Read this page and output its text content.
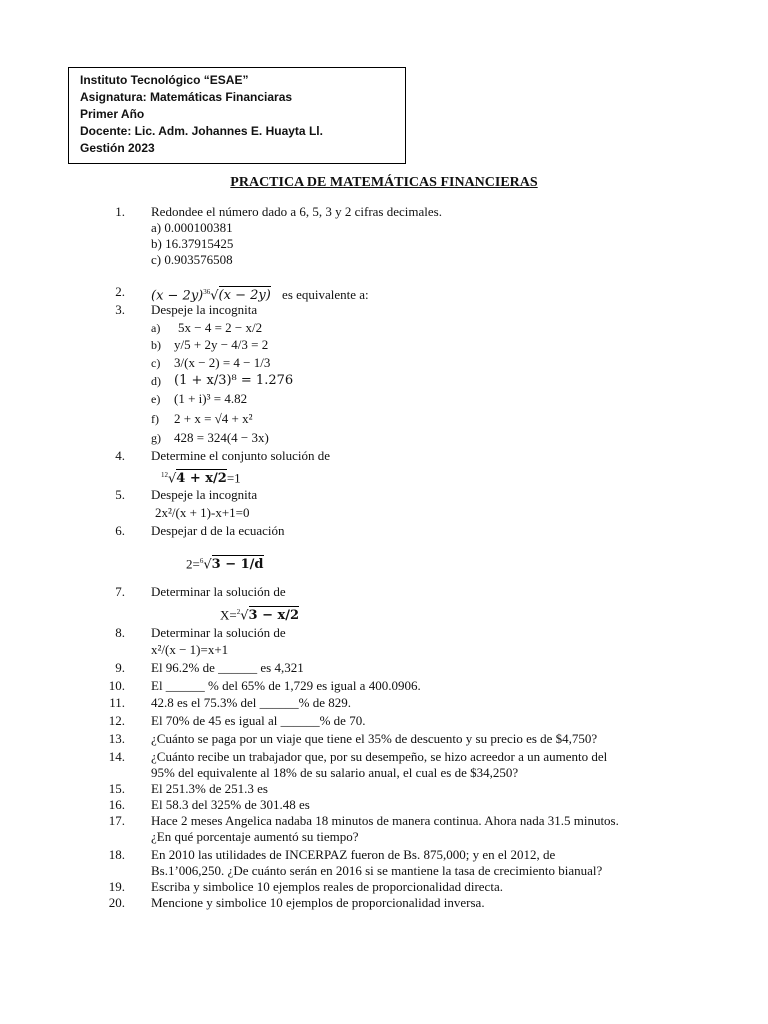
Instituto Tecnológico “ESAE”
Asignatura: Matemáticas Financiaras
Primer Año
Docente: Lic. Adm. Johannes E. Huayta Ll.
Gestión 2023
PRACTICA DE MATEMÁTICAS FINANCIERAS
1. Redondee el número dado a 6, 5, 3 y 2 cifras decimales.
a) 0.000100381
b) 16.37915425
c) 0.903576508
2. $(x - 2y)^{36}√(x - 2y)$ es equivalente a:
3. Despeje la incognita
a) 5x − 4 = 2 − x/2
b) y/5 + 2y − 4/3 = 2
c) 3/(x − 2) = 4 − 1/3
d) (1 + x/3)⁸ = 1.276
e) (1 + i)³ = 4.82
f) 2 + x = √4 + x²
g) 428 = 324(4 − 3x)
4. Determine el conjunto solución de
$^{12}$√4 + x/2=1
5. Despeje la incognita
2x²/(x + 1)-x+1=0
6. Despejar d de la ecuación
2=$^6$√3 − 1/d
7. Determinar la solución de
X=$^2$√3 − x/2
8. Determinar la solución de
x²/(x − 1)=x+1
9. El 96.2% de ______ es 4,321
10. El ______ % del 65% de 1,729 es igual a 400.0906.
11. 42.8 es el 75.3% del ______% de 829.
12. El 70% de 45 es igual al ______% de 70.
13. ¿Cuánto se paga por un viaje que tiene el 35% de descuento y su precio es de $4,750?
14. ¿Cuánto recibe un trabajador que, por su desempeño, se hizo acreedor a un aumento del
95% del equivalente al 18% de su salario anual, el cual es de $34,250?
15. El 251.3% de 251.3 es
16. El 58.3 del 325% de 301.48 es
17. Hace 2 meses Angelica nadaba 18 minutos de manera continua. Ahora nada 31.5 minutos.
¿En qué porcentaje aumentó su tiempo?
18. En 2010 las utilidades de INCERPAZ fueron de Bs. 875,000; y en el 2012, de
Bs.1’006,250. ¿De cuánto serán en 2016 si se mantiene la tasa de crecimiento bianual?
19. Escriba y simbolice 10 ejemplos reales de proporcionalidad directa.
20. Mencione y simbolice 10 ejemplos de proporcionalidad inversa.
